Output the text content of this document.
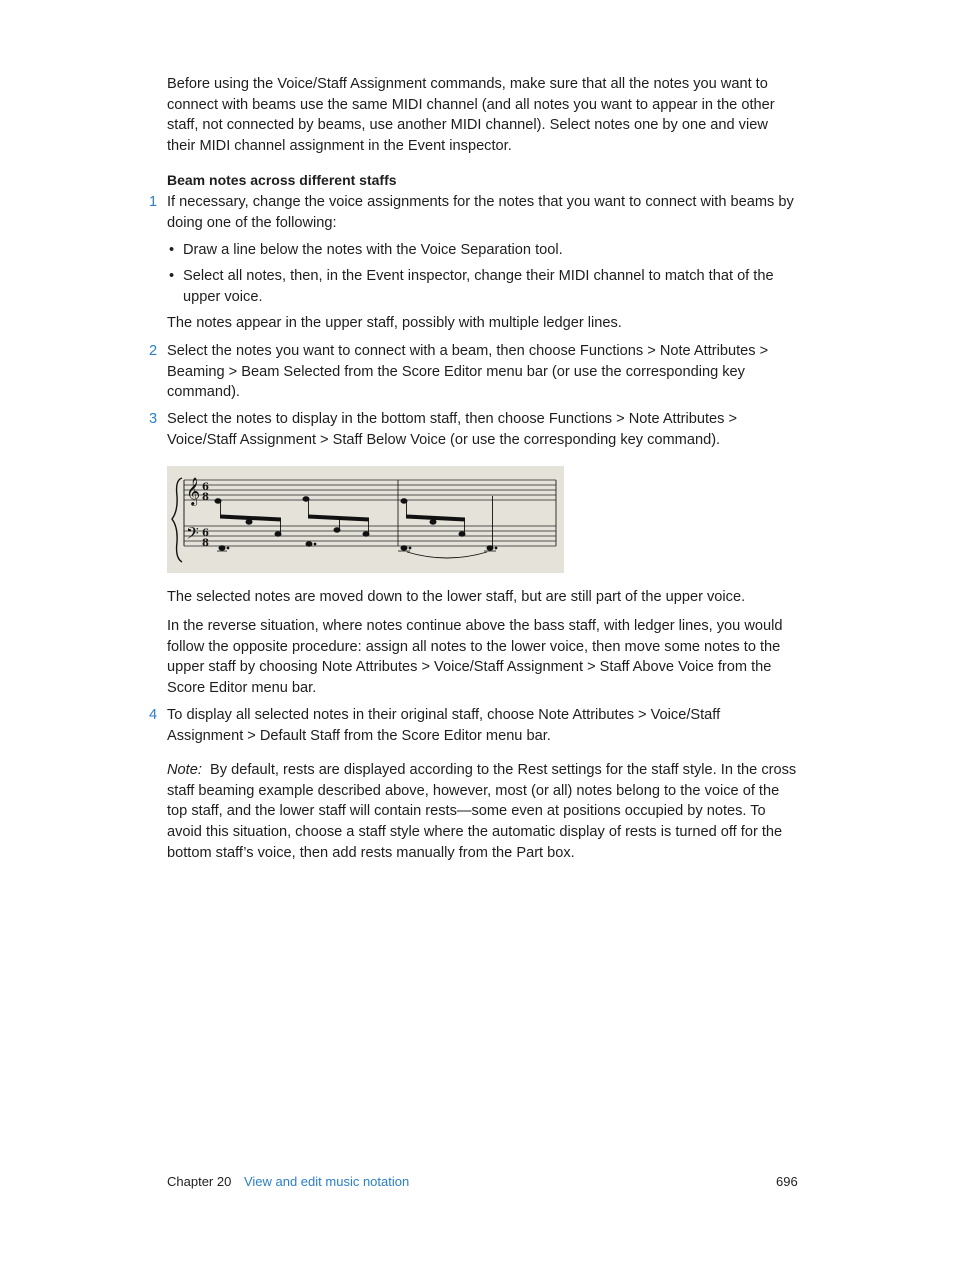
Before using the Voice/Staff Assignment commands, make sure that all the notes you want to connect with beams use the same MIDI channel (and all notes you want to appear in the other staff, not connected by beams, use another MIDI channel). Select notes one by one and view their MIDI channel assignment in the Event inspector.

Beam notes across different staffs
1 If necessary, change the voice assignments for the notes that you want to connect with beams by doing one of the following:

• Draw a line below the notes with the Voice Separation tool.

• Select all notes, then, in the Event inspector, change their MIDI channel to match that of the upper voice.

The notes appear in the upper staff, possibly with multiple ledger lines.

2 Select the notes you want to connect with a beam, then choose Functions > Note Attributes > Beaming > Beam Selected from the Score Editor menu bar (or use the corresponding key command).

3 Select the notes to display in the bottom staff, then choose Functions > Note Attributes > Voice/Staff Assignment > Staff Below Voice (or use the corresponding key command).

𝄞
𝄢
6
8
6
8

The selected notes are moved down to the lower staff, but are still part of the upper voice.

In the reverse situation, where notes continue above the bass staff, with ledger lines, you would follow the opposite procedure: assign all notes to the lower voice, then move some notes to the upper staff by choosing Note Attributes > Voice/Staff Assignment > Staff Above Voice from the Score Editor menu bar.

4 To display all selected notes in their original staff, choose Note Attributes > Voice/Staff Assignment > Default Staff from the Score Editor menu bar.

Note: By default, rests are displayed according to the Rest settings for the staff style. In the cross staff beaming example described above, however, most (or all) notes belong to the voice of the top staff, and the lower staff will contain rests—some even at positions occupied by notes. To avoid this situation, choose a staff style where the automatic display of rests is turned off for the bottom staff’s voice, then add rests manually from the Part box.

Chapter 20 View and edit music notation	696
